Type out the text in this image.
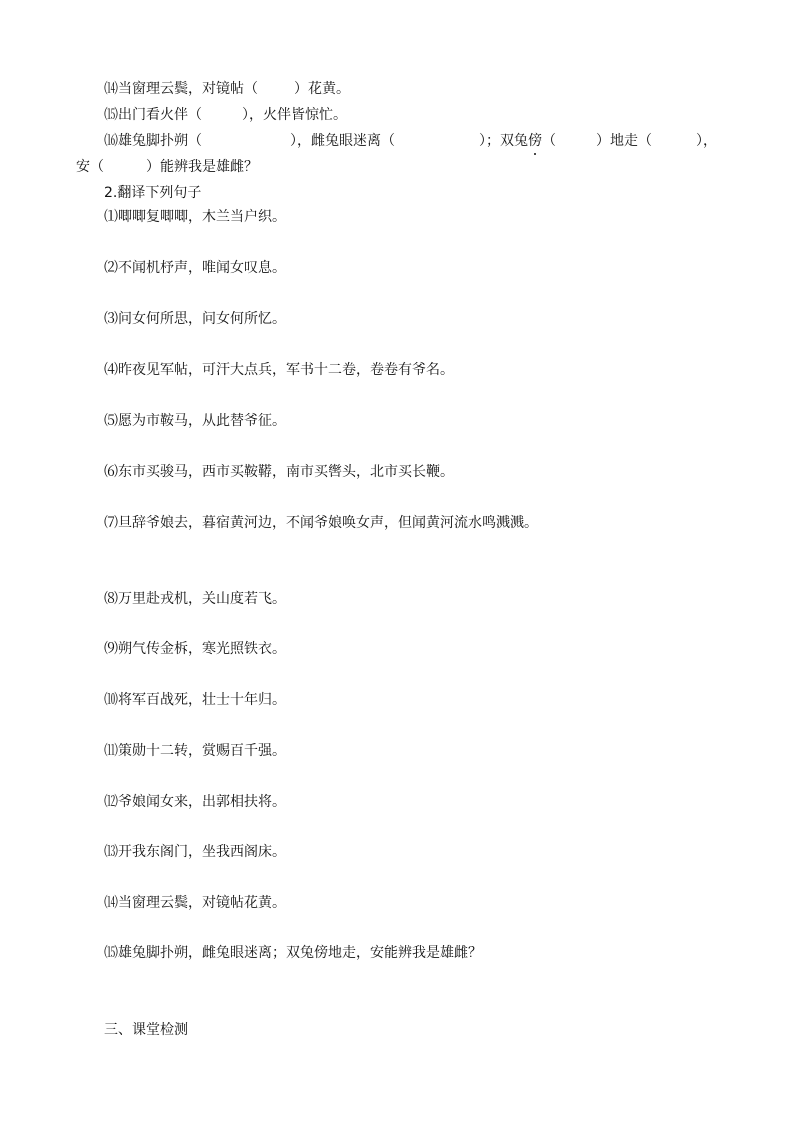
⒁当窗理云鬓，对镜帖（	）花黄。
⒂出门看火伴（	），火伴皆惊忙。
⒃雄兔脚扑朔（	），雌兔眼迷离（	）；双兔傍（	）地走（	），
安（	）能辨我是雄雌？
2.翻译下列句子
⑴唧唧复唧唧，木兰当户织。
⑵不闻机杼声，唯闻女叹息。
⑶问女何所思，问女何所忆。
⑷昨夜见军帖，可汗大点兵，军书十二卷，卷卷有爷名。
⑸愿为市鞍马，从此替爷征。
⑹东市买骏马，西市买鞍鞯，南市买辔头，北市买长鞭。
⑺旦辞爷娘去，暮宿黄河边，不闻爷娘唤女声，但闻黄河流水鸣溅溅。
⑻万里赴戎机，关山度若飞。
⑼朔气传金柝，寒光照铁衣。
⑽将军百战死，壮士十年归。
⑾策勋十二转，赏赐百千强。
⑿爷娘闻女来，出郭相扶将。
⒀开我东阁门，坐我西阁床。
⒁当窗理云鬓，对镜帖花黄。
⒂雄兔脚扑朔，雌兔眼迷离；双兔傍地走，安能辨我是雄雌？
三、课堂检测
